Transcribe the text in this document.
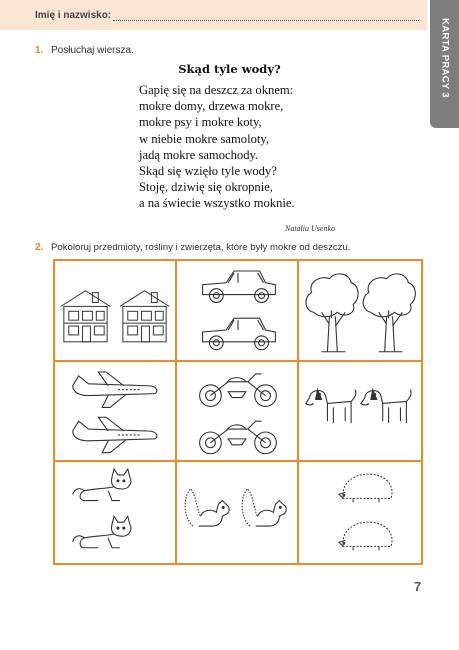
Imię i nazwisko:
KARTA PRACY 3
1. Posłuchaj wiersza.
Skąd tyle wody?
Gapię się na deszcz za oknem:
mokre domy, drzewa mokre,
mokre psy i mokre koty,
w niebie mokre samoloty,
jadą mokre samochody.
Skąd się wzięło tyle wody?
Stoję, dziwię się okropnie,
a na świecie wszystko moknie.
Natalia Usenko
2. Pokoloruj przedmioty, rośliny i zwierzęta, które były mokre od deszczu.
7
